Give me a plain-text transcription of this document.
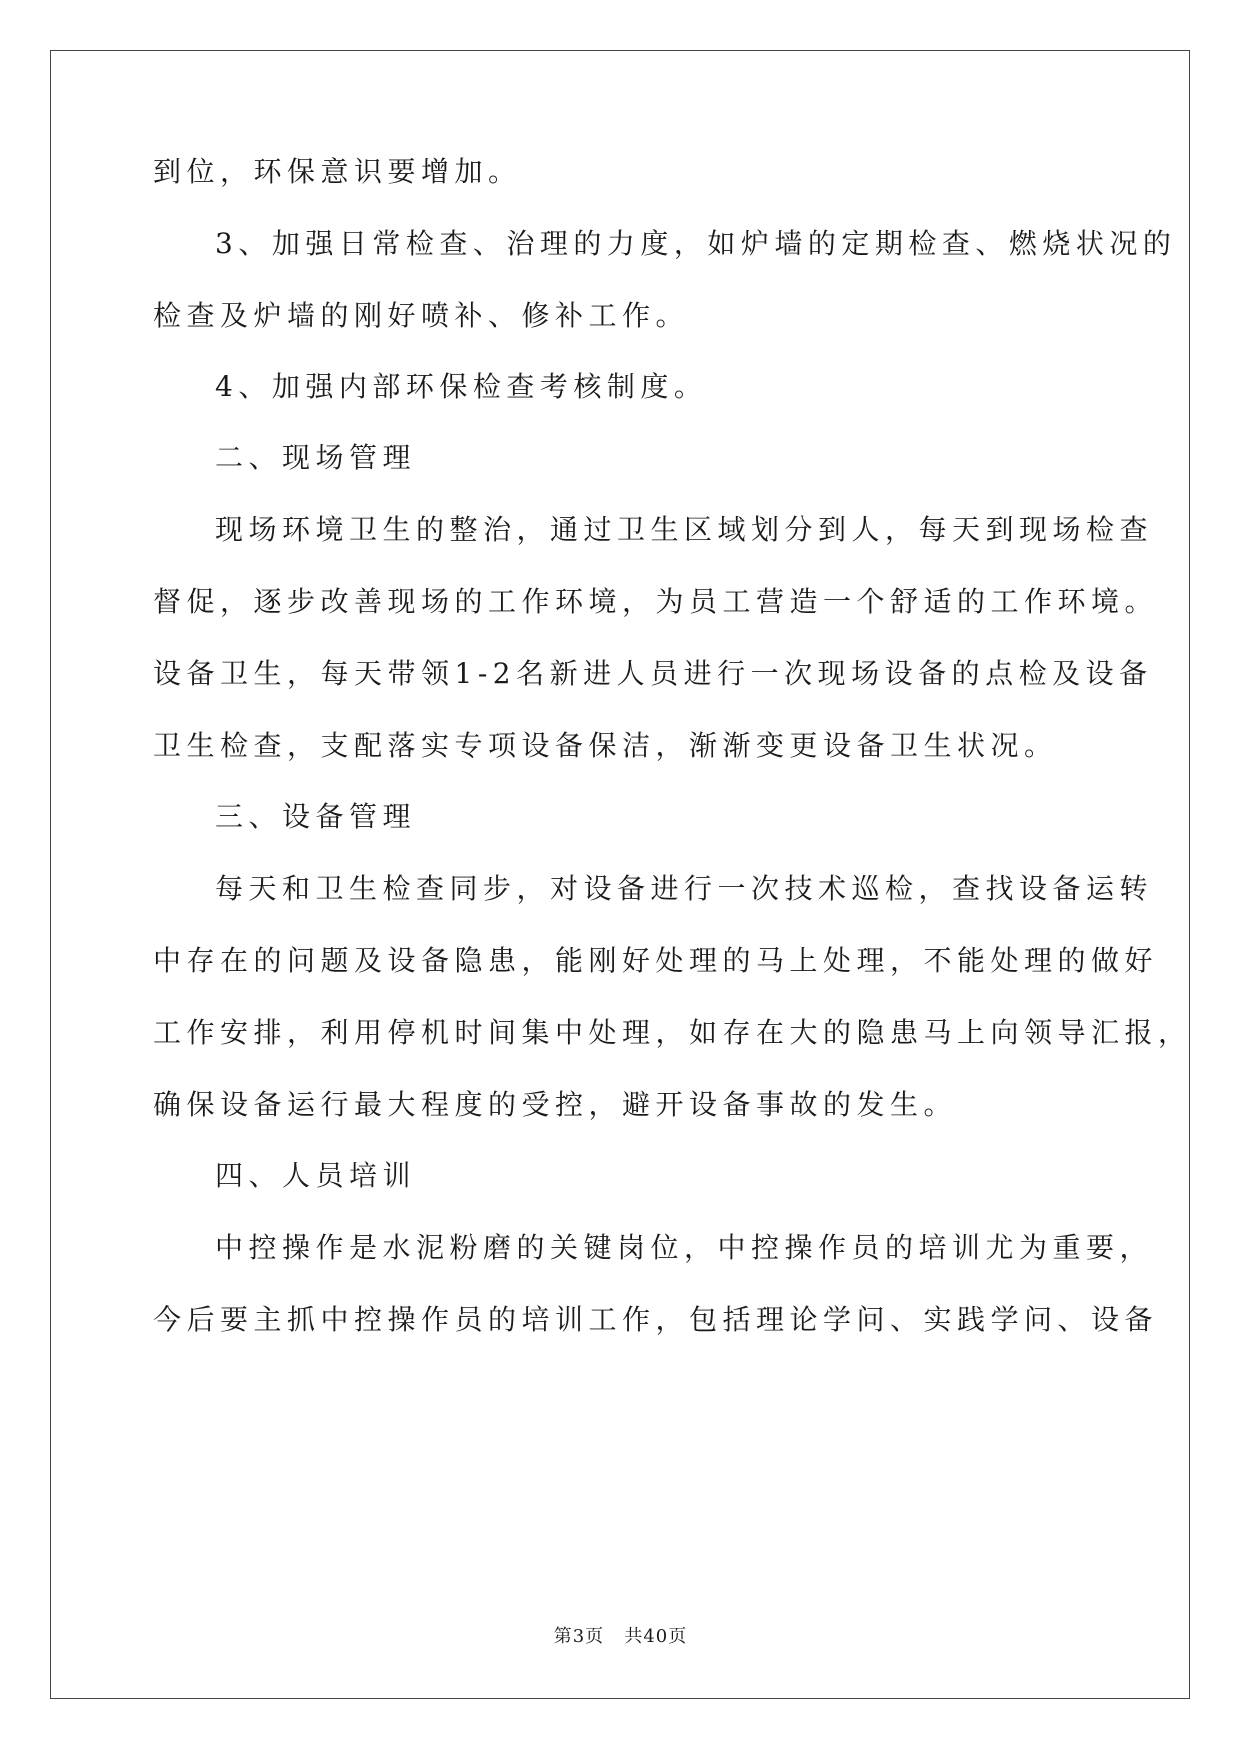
到位，环保意识要增加。
3、加强日常检查、治理的力度，如炉墙的定期检查、燃烧状况的
检查及炉墙的刚好喷补、修补工作。
4、加强内部环保检查考核制度。
二、现场管理
现场环境卫生的整治，通过卫生区域划分到人，每天到现场检查
督促，逐步改善现场的工作环境，为员工营造一个舒适的工作环境。
设备卫生，每天带领1-2名新进人员进行一次现场设备的点检及设备
卫生检查，支配落实专项设备保洁，渐渐变更设备卫生状况。
三、设备管理
每天和卫生检查同步，对设备进行一次技术巡检，查找设备运转
中存在的问题及设备隐患，能刚好处理的马上处理，不能处理的做好
工作安排，利用停机时间集中处理，如存在大的隐患马上向领导汇报，
确保设备运行最大程度的受控，避开设备事故的发生。
四、人员培训
中控操作是水泥粉磨的关键岗位，中控操作员的培训尤为重要，
今后要主抓中控操作员的培训工作，包括理论学问、实践学问、设备
第3页   共40页
